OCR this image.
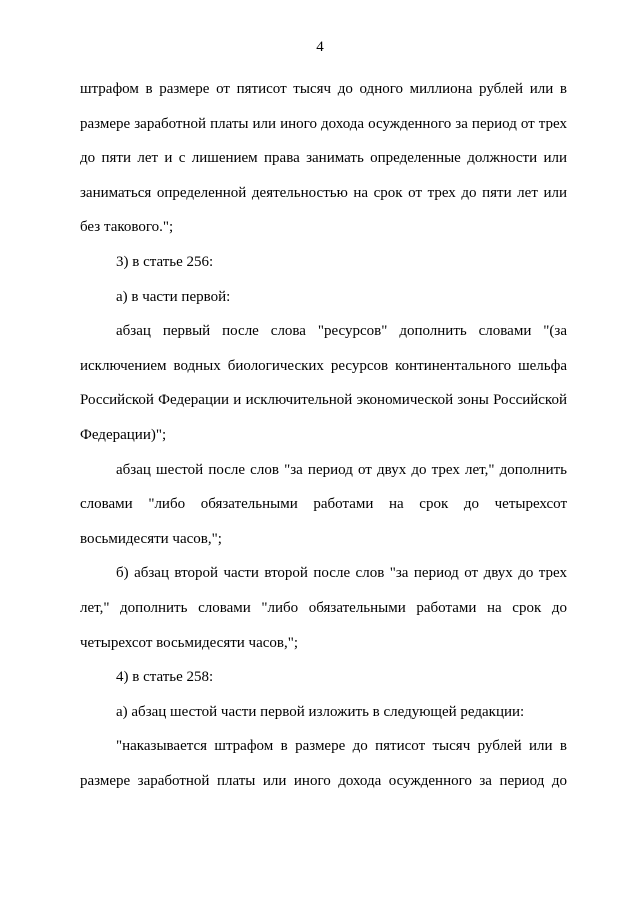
4
штрафом в размере от пятисот тысяч до одного миллиона рублей или в
размере заработной платы или иного дохода осужденного за период от трех
до пяти лет и с лишением права занимать определенные должности или
заниматься определенной деятельностью на срок от трех до пяти лет или
без такового.";
3) в статье 256:
а) в части первой:
абзац первый после слова "ресурсов" дополнить словами "(за
исключением водных биологических ресурсов континентального шельфа
Российской Федерации и исключительной экономической зоны Российской
Федерации)";
абзац шестой после слов "за период от двух до трех лет," дополнить
словами "либо обязательными работами на срок до четырехсот
восьмидесяти часов,";
б) абзац второй части второй после слов "за период от двух до трех
лет," дополнить словами "либо обязательными работами на срок до
четырехсот восьмидесяти часов,";
4) в статье 258:
а) абзац шестой части первой изложить в следующей редакции:
"наказывается штрафом в размере до пятисот тысяч рублей или в
размере заработной платы или иного дохода осужденного за период до
